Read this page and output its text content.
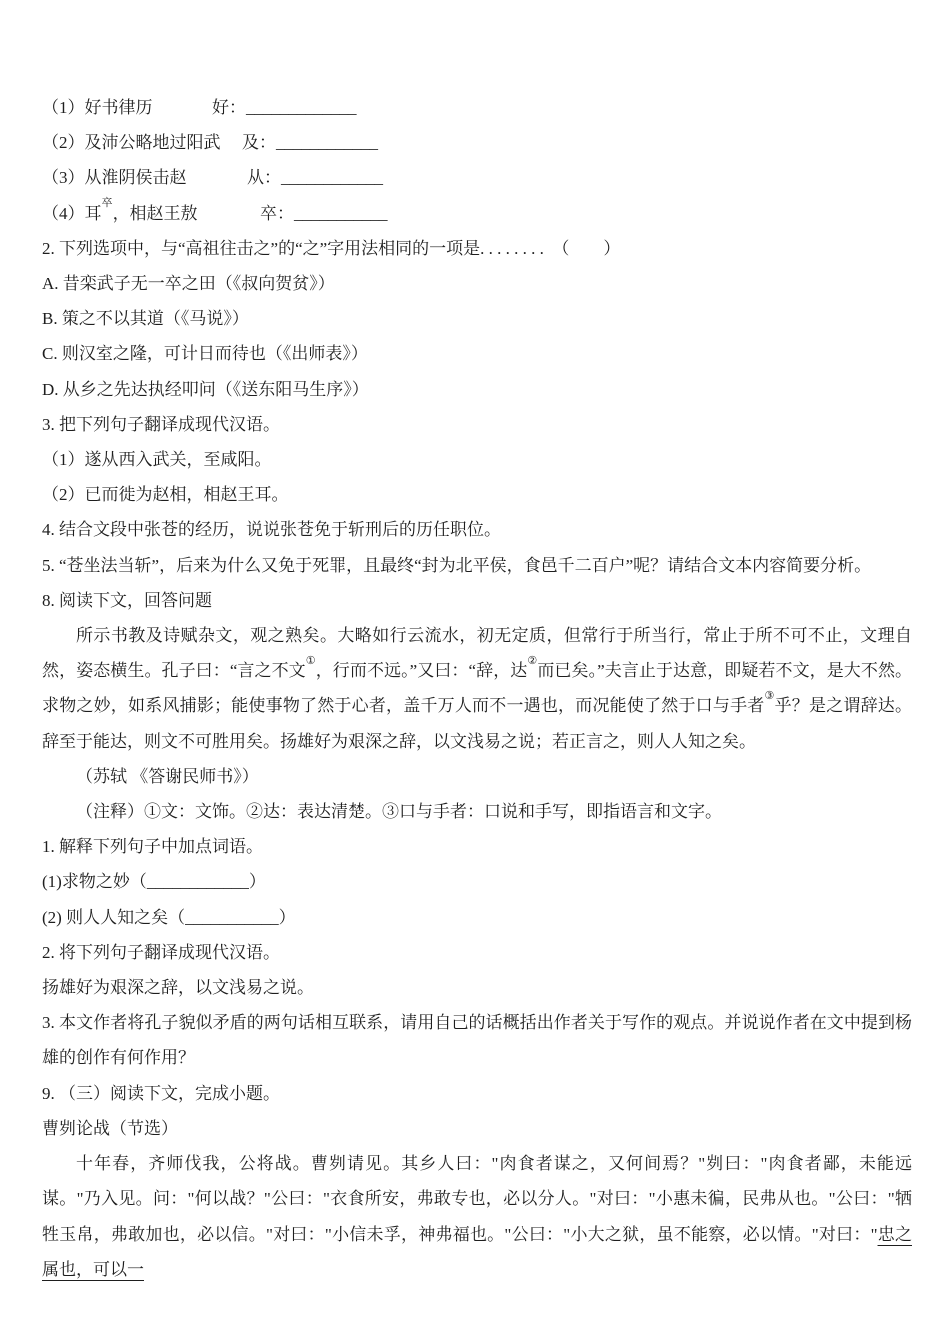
（1）好书律历	好：_____________

（2）及沛公略地过阳武 及：____________

（3）从淮阴侯击赵	从：____________

（4）耳$^卒$，相赵王敖	卒：___________

2. 下列选项中，与“高祖往击之”的“之”字用法相同的一项是. . . . . . . .　（　　）

A. 昔栾武子无一卒之田（《叔向贺贫》）

B. 策之不以其道（《马说》）

C. 则汉室之隆，可计日而待也（《出师表》）

D. 从乡之先达执经叩问（《送东阳马生序》）

3. 把下列句子翻译成现代汉语。

（1）遂从西入武关，至咸阳。

（2）已而徙为赵相，相赵王耳。

4. 结合文段中张苍的经历，说说张苍免于斩刑后的历任职位。

5. “苍坐法当斩”，后来为什么又免于死罪，且最终“封为北平侯，食邑千二百户”呢？请结合文本内容简要分析。

8. 阅读下文，回答问题

所示书教及诗赋杂文，观之熟矣。大略如行云流水，初无定质，但常行于所当行，常止于所不可不止，文理自然，姿态横生。孔子曰：“言之不文①，行而不远。”又曰：“辞，达②而已矣。”夫言止于达意，即疑若不文，是大不然。求物之妙，如系风捕影；能使事物了然于心者，盖千万人而不一遇也，而况能使了然于口与手者③乎？是之谓辞达。辞至于能达，则文不可胜用矣。扬雄好为艰深之辞，以文浅易之说；若正言之，则人人知之矣。

（苏轼 《答谢民师书》）

（注释）①文：文饰。②达：表达清楚。③口与手者：口说和手写，即指语言和文字。

1. 解释下列句子中加点词语。

(1)求物之妙（____________）

(2) 则人人知之矣（___________）

2. 将下列句子翻译成现代汉语。

扬雄好为艰深之辞，以文浅易之说。

3. 本文作者将孔子貌似矛盾的两句话相互联系，请用自己的话概括出作者关于写作的观点。并说说作者在文中提到杨雄的创作有何作用？

9. （三）阅读下文，完成小题。

曹刿论战（节选）

十年春，齐师伐我，公将战。曹刿请见。其乡人曰："肉食者谋之，又何间焉？"刿曰："肉食者鄙，未能远谋。"乃入见。问："何以战？"公曰："衣食所安，弗敢专也，必以分人。"对曰："小惠未徧，民弗从也。"公曰："牺牲玉帛，弗敢加也，必以信。"对曰："小信未孚，神弗福也。"公曰："小大之狱，虽不能察，必以情。"对曰："忠之属也，可以一
